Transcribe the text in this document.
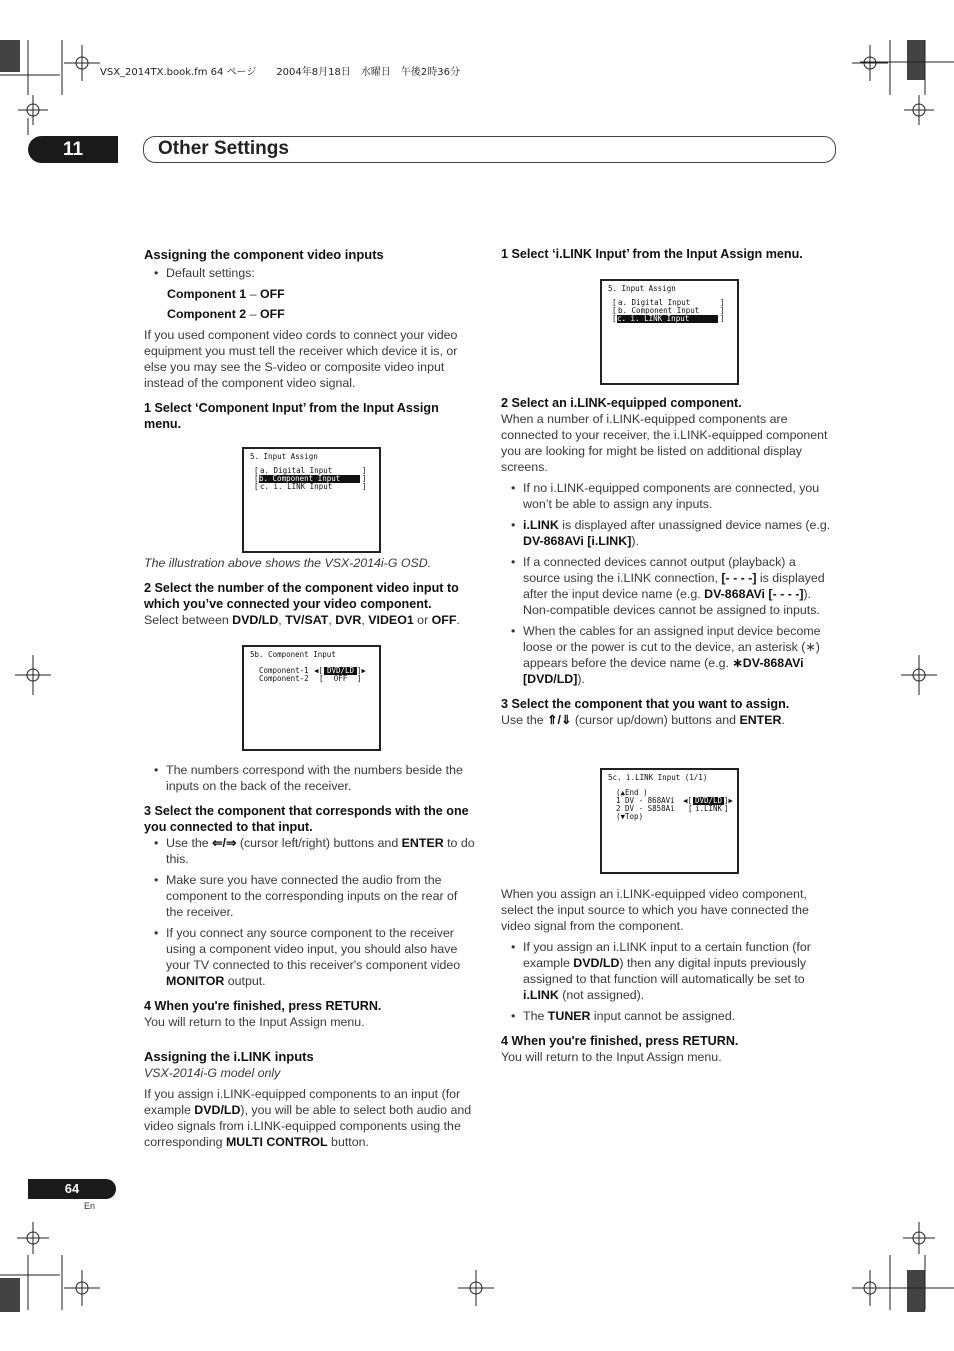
VSX_2014TX.book.fm 64 ページ　　2004年8月18日　水曜日　午後2時36分
11	Other Settings
Assigning the component video inputs
• Default settings:

Component 1 – OFF

Component 2 – OFF

If you used component video cords to connect your video equipment you must tell the receiver which device it is, or else you may see the S-video or composite video input instead of the component video signal.

1 Select ‘Component Input’ from the Input Assign menu.

5. Input Assign
[
[
[
]
]
]
a. Digital Input
b. Component Input
c. i. LINK Input

The illustration above shows the VSX-2014i-G OSD.

2 Select the number of the component video input to which you’ve connected your video component.

Select between DVD/LD, TV/SAT, DVR, VIDEO1 or OFF.

5b. Component Input
Component-1 ◀[ DVD/LD ]▶
Component-2 [	OFF	]
• The numbers correspond with the numbers beside the inputs on the back of the receiver.

3 Select the component that corresponds with the one you connected to that input.

• Use the ⇐/⇒ (cursor left/right) buttons and ENTER to do this.
• Make sure you have connected the audio from the component to the corresponding inputs on the rear of the receiver.
• If you connect any source component to the receiver using a component video input, you should also have your TV connected to this receiver's component video MONITOR output.

4 When you're finished, press RETURN.

You will return to the Input Assign menu.

Assigning the i.LINK inputs

VSX-2014i-G model only

If you assign i.LINK-equipped components to an input (for example DVD/LD), you will be able to select both audio and video signals from i.LINK-equipped components using the corresponding MULTI CONTROL button.

1 Select ‘i.LINK Input’ from the Input Assign menu.

5. Input Assign
[
[
[
]
]
]
a. Digital Input
b. Component Input
c. i. LINK Input

2 Select an i.LINK-equipped component.

When a number of i.LINK-equipped components are connected to your receiver, the i.LINK-equipped component you are looking for might be listed on additional display screens.

• If no i.LINK-equipped components are connected, you won’t be able to assign any inputs.
• i.LINK is displayed after unassigned device names (e.g. DV-868AVi [i.LINK]).
• If a connected devices cannot output (playback) a source using the i.LINK connection, [- - - -] is displayed after the input device name (e.g. DV-868AVi [- - - -]). Non-compatible devices cannot be assigned to inputs.
• When the cables for an assigned input device become loose or the power is cut to the device, an asterisk (∗) appears before the device name (e.g. ∗DV-868AVi [DVD/LD]).

3 Select the component that you want to assign.

Use the ⇑/⇓ (cursor up/down) buttons and ENTER.

5c. i.LINK Input (1/1)
(▲End )
1 DV - 868AVi ◀[ DVD/LD ]▶
2 DV - S858Ai [ i.LINK ]
(▼Top)

When you assign an i.LINK-equipped video component, select the input source to which you have connected the video signal from the component.

• If you assign an i.LINK input to a certain function (for example DVD/LD) then any digital inputs previously assigned to that function will automatically be set to i.LINK (not assigned).
• The TUNER input cannot be assigned.

4 When you're finished, press RETURN.

You will return to the Input Assign menu.

64
En
